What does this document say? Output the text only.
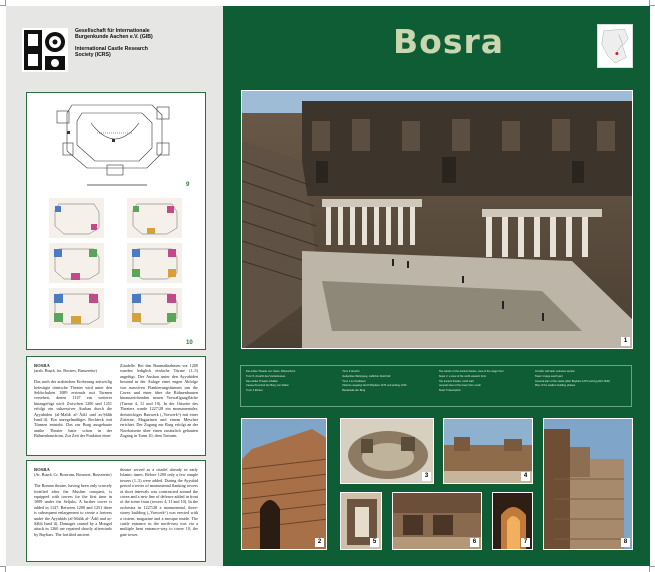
Gesellschaft für Internationale
Burgenkunde Aachen e.V. (GIB)
International Castle Research
Society (ICRS)
9
10

BOSRA
(arab. Buṣrā, frz. Bostres, Busserette)

Das nach der arabischen Eroberung zeitweilig befestigte römische Theater wird unter den Seldschuken 1089 erstmals mit Türmen versehen, denen 1147 ein weiterer hinzugefügt wird. Zwischen 1200 und 1251 erfolgt ein sukzessiver Ausbau durch die Ayyubiden (al-Malik al-ʿĀdil und aṣ-Ṣāliḥ Ismāʿil). Ein unregelmäßiges Rechteck mit Türmen entsteht. Das zur Burg ausgebaute antike Theater hatte schon in der Bühnenhausfront, Zur Zeit der Funktion einer

Zitadelle. Bei den Baumaßnahmen vor 1200 wurden lediglich einfache Türme (1–5) angefügt. Der Ausbau unter den Ayyubiden bestand in der Anlage einer engen Abfolge von massiven Flankierungstürmen um die Cavea und einer über die Bühnenbauten hinausreichenden neuen Vorwallgangfläche (Türme 4, 11 und 10). In der Ostseite des Theaters wurde 1227/28 ein monumentaler, dreistöckiges Bauwerk („Vorwerk“) mit einer Zisterne, Magazinen und einem Mescher errichtet. Der Zugang zur Burg erfolgt an der Nordostseite über einen zusätzlich gebauten Zugang in Turm 10, dem Torturm.

BOSRA
(Ar. Buṣrā, Cr. Bostrum, Bosseret, Busserette)

The Roman theatre, having been only scarcely fortified after the Muslim conquest, is equipped with towers for the first time in 1089 under the Seljuks. A further tower is added in 1147. Between 1200 and 1251 there is subsequent enlargement to create a fortress under the Ayyubids (al-Malik al-ʿĀdil and aṣ-Ṣāliḥ Ismāʿil). Damages caused by a Mongol attack in 1260 are repaired shortly afterwards by Baybars. The fortified ancient

theatre served as a citadel already in early Islamic times. Before 1200 only a few simple towers (1–5) were added. During the Ayyubid period a series of monumental flanking towers at short intervals was constructed around the cavea and a new line of defence added in front of the scene front (towers 4, 11 and 10). In the orchestra in 1227/28 a monumental, three-storey building („Vorwerk“) was erected with a cistern, magazine and a mosque inside. The castle entrance in the north-east was via a multiple bent entrance-way to tower 10, the gate tower.

Bosra
1
Die antike Theater von Osten, Bühnenfront
Turm 5, Ansicht des Vorderkusses
Das antike Theater erhalten
Cavea-/Innenhof der Burg von Süden
Turm 4 Erbaut
Turm 6 Ansicht
Gedecktes Wehrgang, südlicher Abschnitt
Turm 1 im Nordwest
Zisterne angelegt durch Baybars 1270 und anfang 1230
Baudeteile der Burg
The interior of the ancient theatre, view of the stage front
Tower 2, a view of the north-western front
The ancient theatre, north wall
General view of the tower from south
Tower 5 description
Corridor with later entrance section
Tower 1 large south part
General plan of the castle (after Baybars 1270 and Ayyubid 1230)
Plan of the castle's building phases
2
3	4
5	6	7	8
